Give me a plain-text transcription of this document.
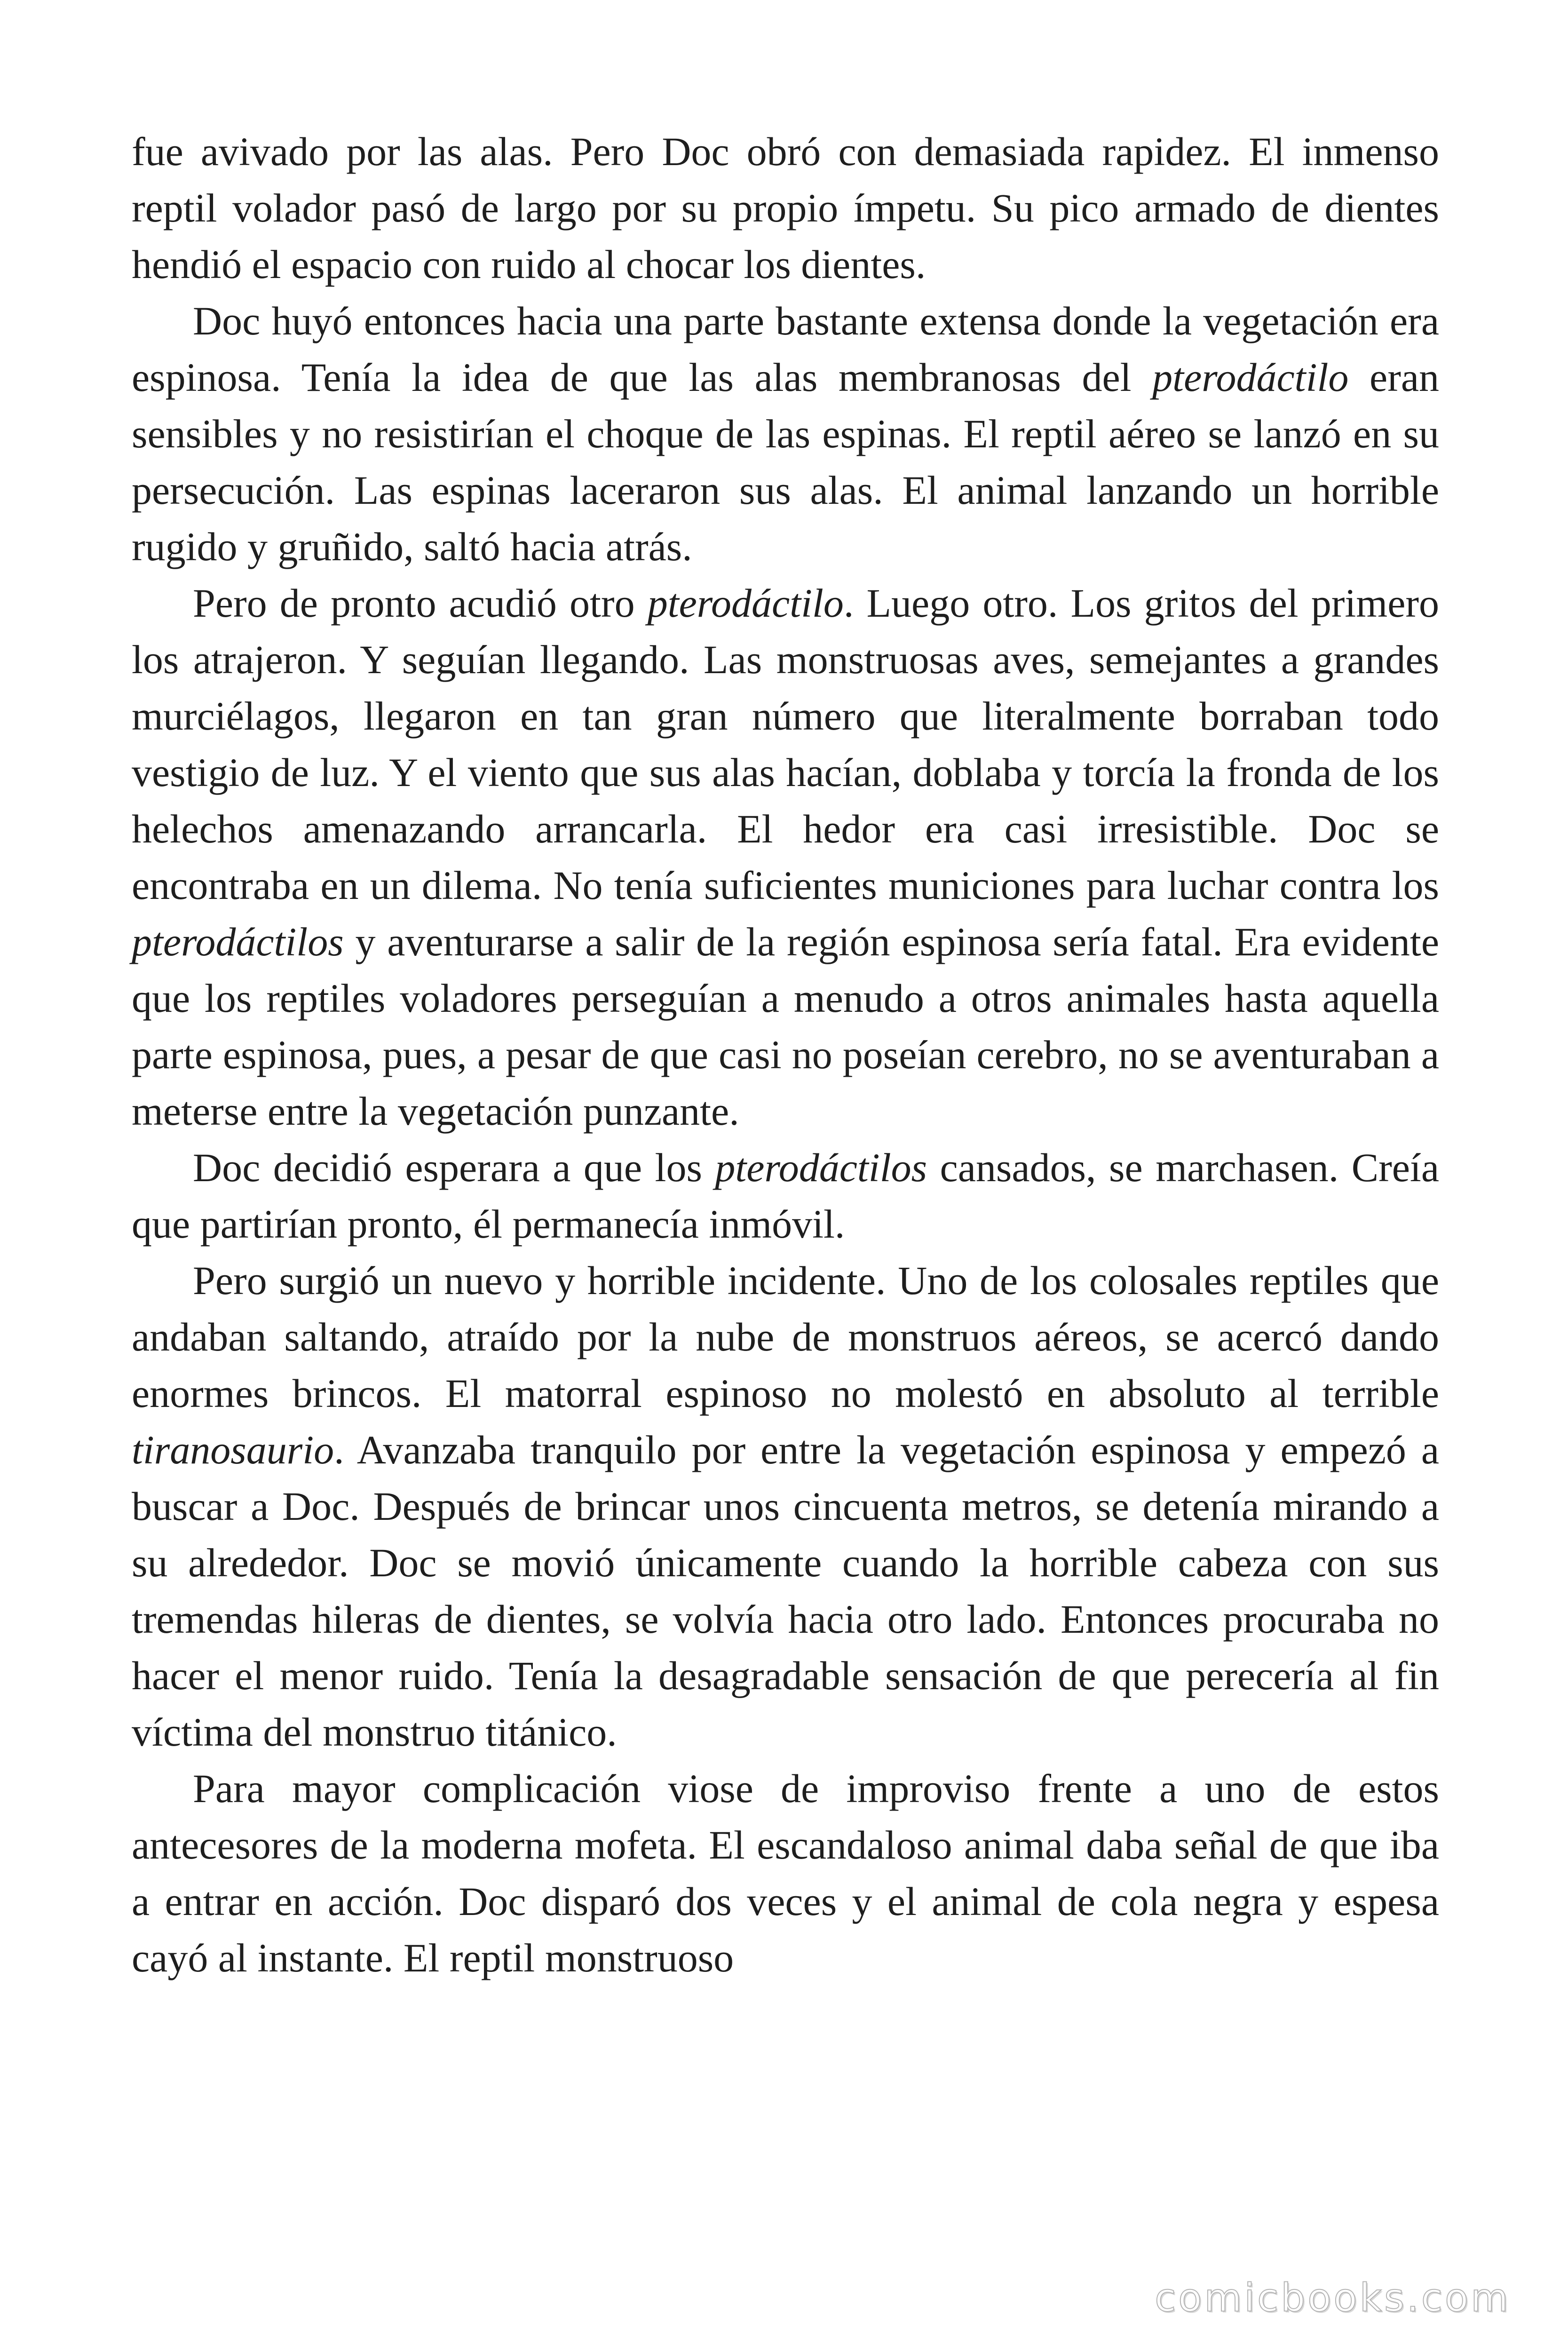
fue avivado por las alas. Pero Doc obró con demasiada rapidez. El inmenso reptil volador pasó de largo por su propio ímpetu. Su pico armado de dientes hendió el espacio con ruido al chocar los dientes.

Doc huyó entonces hacia una parte bastante extensa donde la vegetación era espinosa. Tenía la idea de que las alas membranosas del pterodáctilo eran sensibles y no resistirían el choque de las espinas. El reptil aéreo se lanzó en su persecución. Las espinas laceraron sus alas. El animal lanzando un horrible rugido y gruñido, saltó hacia atrás.

Pero de pronto acudió otro pterodáctilo. Luego otro. Los gritos del primero los atrajeron. Y seguían llegando. Las monstruosas aves, semejantes a grandes murciélagos, llegaron en tan gran número que literalmente borraban todo vestigio de luz. Y el viento que sus alas hacían, doblaba y torcía la fronda de los helechos amenazando arrancarla. El hedor era casi irresistible. Doc se encontraba en un dilema. No tenía suficientes municiones para luchar contra los pterodáctilos y aventurarse a salir de la región espinosa sería fatal. Era evidente que los reptiles voladores perseguían a menudo a otros animales hasta aquella parte espinosa, pues, a pesar de que casi no poseían cerebro, no se aventuraban a meterse entre la vegetación punzante.

Doc decidió esperara a que los pterodáctilos cansados, se marchasen. Creía que partirían pronto, él permanecía inmóvil.

Pero surgió un nuevo y horrible incidente. Uno de los colosales reptiles que andaban saltando, atraído por la nube de monstruos aéreos, se acercó dando enormes brincos. El matorral espinoso no molestó en absoluto al terrible tiranosaurio. Avanzaba tranquilo por entre la vegetación espinosa y empezó a buscar a Doc. Después de brincar unos cincuenta metros, se detenía mirando a su alrededor. Doc se movió únicamente cuando la horrible cabeza con sus tremendas hileras de dientes, se volvía hacia otro lado. Entonces procuraba no hacer el menor ruido. Tenía la desagradable sensación de que perecería al fin víctima del monstruo titánico.

Para mayor complicación viose de improviso frente a uno de estos antecesores de la moderna mofeta. El escandaloso animal daba señal de que iba a entrar en acción. Doc disparó dos veces y el animal de cola negra y espesa cayó al instante. El reptil monstruoso

comicbooks.com
